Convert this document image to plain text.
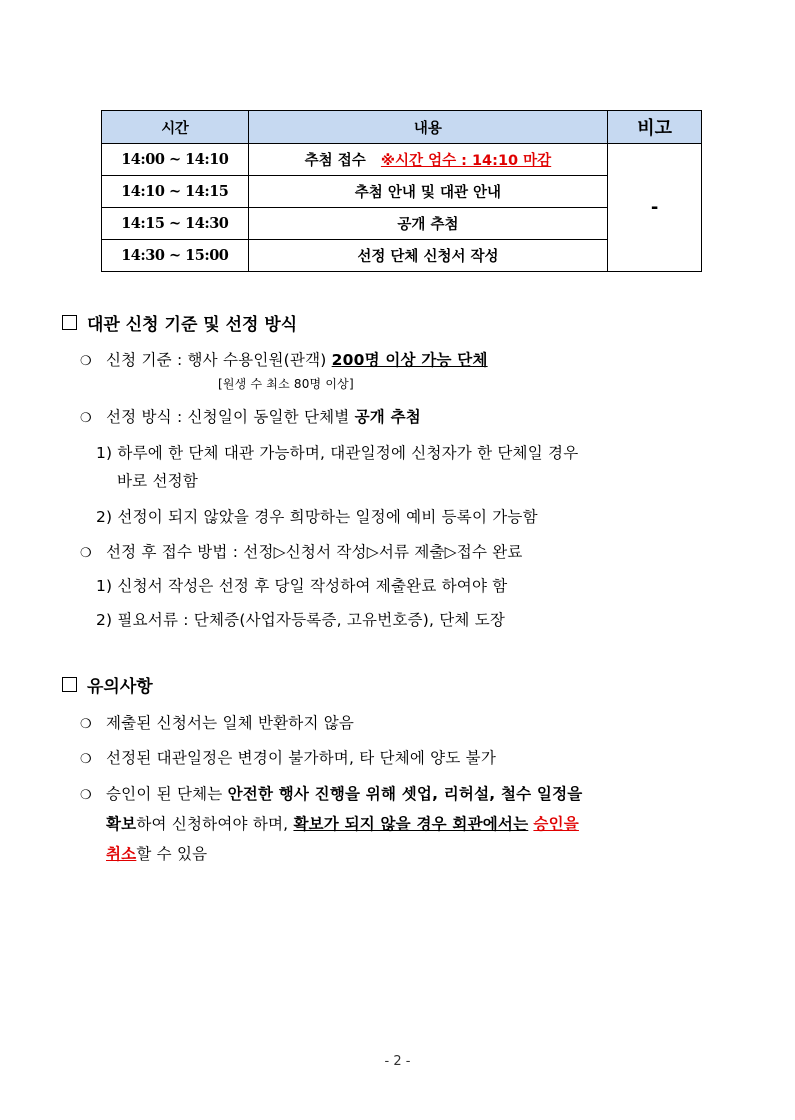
시간	내용	비고
14:00 ~ 14:10	추첨 접수 ※시간 엄수 : 14:10 마감	-
14:10 ~ 14:15	추첨 안내 및 대관 안내	
14:15 ~ 14:30	공개 추첨	
14:30 ~ 15:00	선정 단체 신청서 작성	
대관 신청 기준 및 선정 방식
❍ 신청 기준 : 행사 수용인원(관객) 200명 이상 가능 단체
[원생 수 최소 80명 이상]
❍ 선정 방식 : 신청일이 동일한 단체별 공개 추첨
1) 하루에 한 단체 대관 가능하며, 대관일정에 신청자가 한 단체일 경우
바로 선정함
2) 선정이 되지 않았을 경우 희망하는 일정에 예비 등록이 가능함
❍ 선정 후 접수 방법 : 선정▷신청서 작성▷서류 제출▷접수 완료
1) 신청서 작성은 선정 후 당일 작성하여 제출완료 하여야 함
2) 필요서류 : 단체증(사업자등록증, 고유번호증), 단체 도장
유의사항
❍ 제출된 신청서는 일체 반환하지 않음
❍ 선정된 대관일정은 변경이 불가하며, 타 단체에 양도 불가
❍ 승인이 된 단체는 안전한 행사 진행을 위해 셋업, 리허설, 철수 일정을
확보하여 신청하여야 하며, 확보가 되지 않을 경우 회관에서는 승인을
취소할 수 있음
- 2 -
